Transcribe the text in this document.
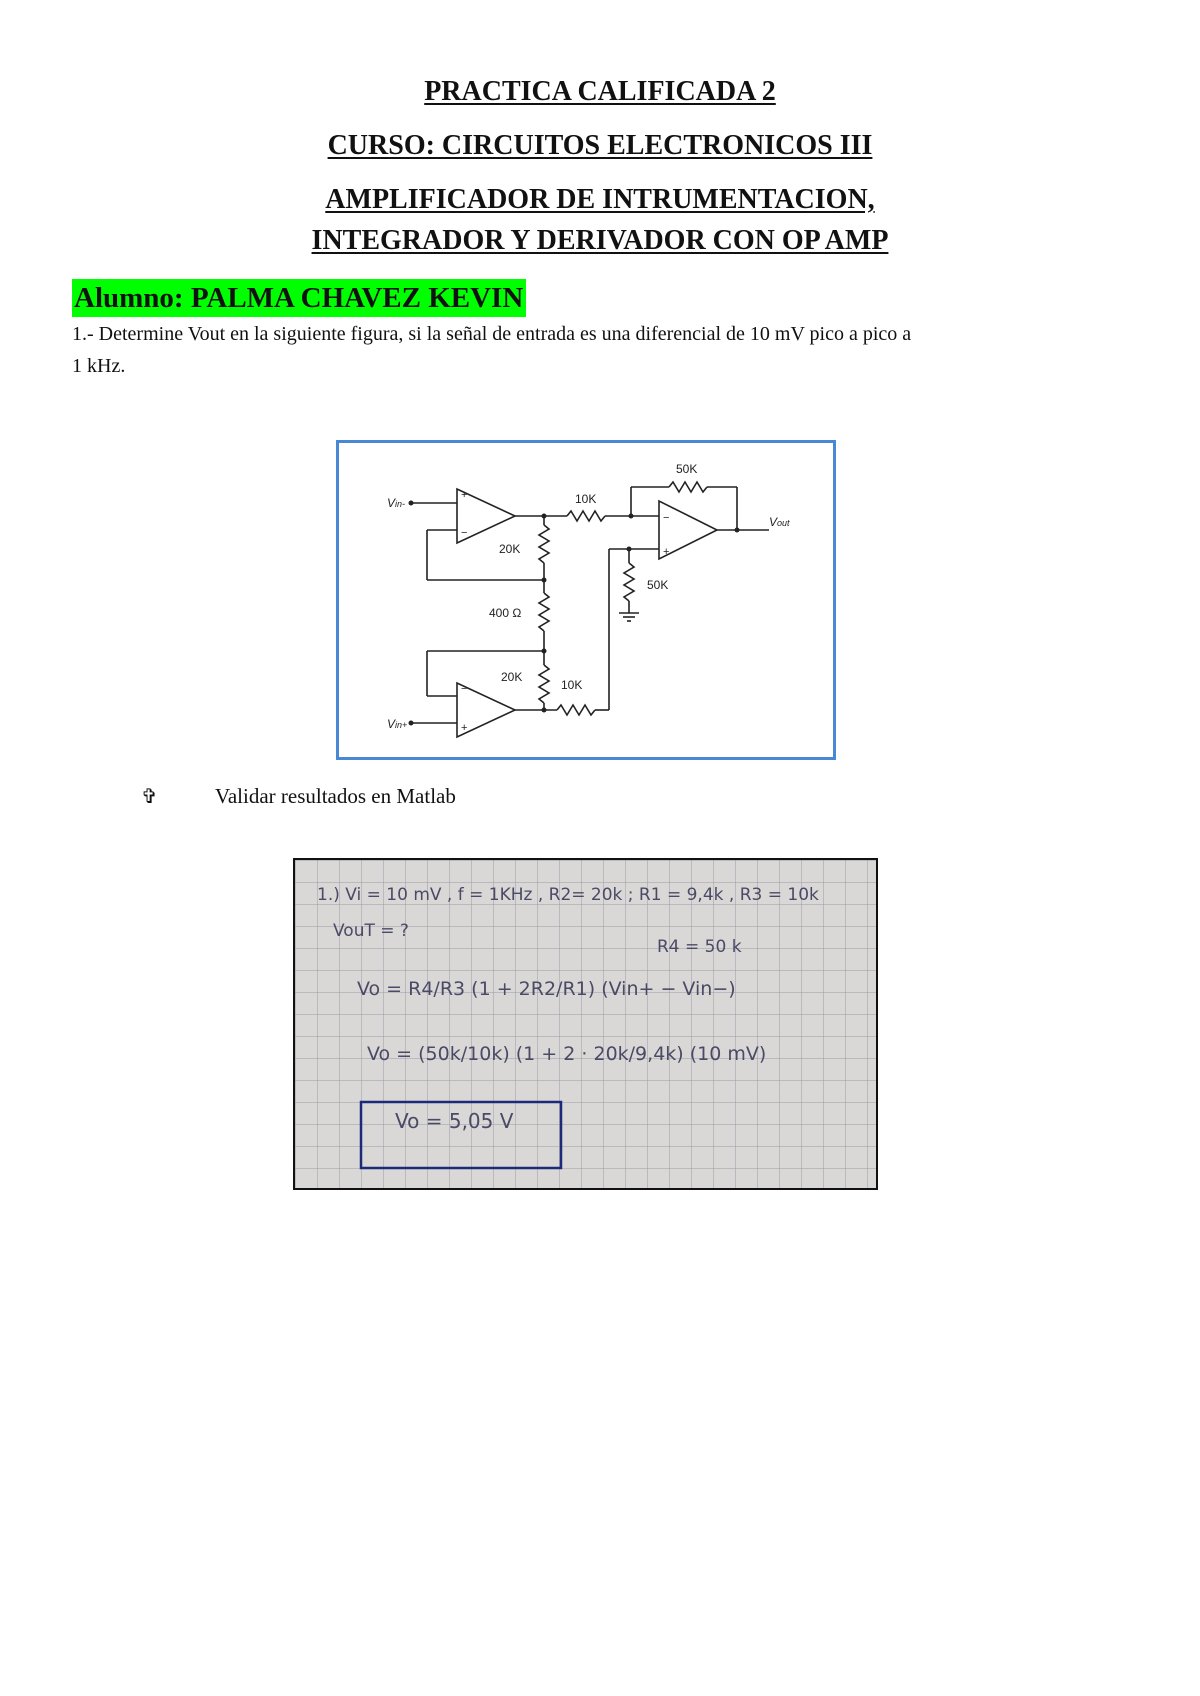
PRACTICA CALIFICADA 2
CURSO: CIRCUITOS ELECTRONICOS III
AMPLIFICADOR DE INTRUMENTACION,
INTEGRADOR Y DERIVADOR CON OP AMP
Alumno: PALMA CHAVEZ KEVIN
1.- Determine Vout en la siguiente figura, si la señal de entrada es una diferencial de 10 mV pico a pico a
1 kHz.
+
−
−
+
−
+
Vin-
Vin+
Vout
10K
50K
20K
400 Ω
20K
10K
50K
✞	Validar resultados en Matlab
1.) Vi = 10 mV , f = 1KHz , R2= 20k ; R1 = 9,4k , R3 = 10k
VouT = ?
R4 = 50 k
Vo = R4/R3 (1 + 2R2/R1) (Vin+ − Vin−)
Vo = (50k/10k) (1 + 2 · 20k/9,4k) (10 mV)
Vo = 5,05 V
